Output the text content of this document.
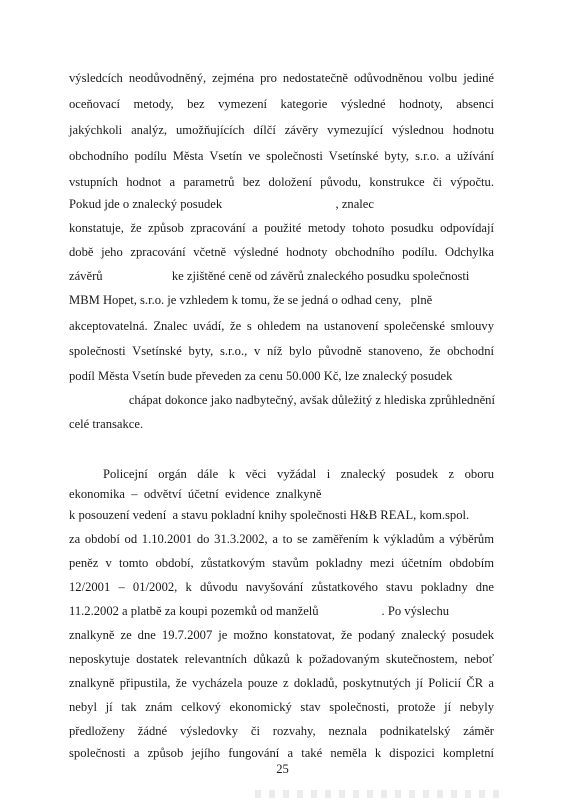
výsledcích neodůvodněný, zejména pro nedostatečně odůvodněnou volbu jediné
oceňovací metody, bez vymezení kategorie výsledné hodnoty, absenci
jakýchkoli analýz, umožňujících dílčí závěry vymezující výslednou hodnotu
obchodního podílu Města Vsetín ve společnosti Vsetínské byty, s.r.o. a užívání
vstupních hodnot a parametrů bez doložení původu, konstrukce či výpočtu.
Pokud jde o znalecký posudek                                    , znalec
konstatuje, že způsob zpracování a použité metody tohoto posudku odpovídají
době jeho zpracování včetně výsledné hodnoty obchodního podílu. Odchylka
závěrů                      ke zjištěné ceně od závěrů znaleckého posudku společnosti
MBM Hopet, s.r.o. je vzhledem k tomu, že se jedná o odhad ceny,   plně
akceptovatelná. Znalec uvádí, že s ohledem na ustanovení společenské smlouvy
společnosti Vsetínské byty, s.r.o., v níž bylo původně stanoveno, že obchodní
podíl Města Vsetín bude převeden za cenu 50.000 Kč, lze znalecký posudek
chápat dokonce jako nadbytečný, avšak důležitý z hlediska zprůhlednění
celé transakce.
Policejní orgán dále k věci vyžádal i znalecký posudek z oboru
ekonomika  –  odvětví  účetní  evidence  znalkyně
k posouzení vedení  a stavu pokladní knihy společnosti H&B REAL, kom.spol.
za období od 1.10.2001 do 31.3.2002, a to se zaměřením k výkladům a výběrům
peněz v tomto období, zůstatkovým stavům pokladny mezi účetním obdobím
12/2001 – 01/2002, k důvodu navyšování zůstatkového stavu pokladny dne
11.2.2002 a platbě za koupi pozemků od manželů                    . Po výslechu
znalkyně ze dne 19.7.2007 je možno konstatovat, že podaný znalecký posudek
neposkytuje dostatek relevantních důkazů k požadovaným skutečnostem, neboť
znalkyně připustila, že vycházela pouze z dokladů, poskytnutých jí Policií ČR a
nebyl jí tak znám celkový ekonomický stav společnosti, protože jí nebyly
předloženy žádné výsledovky či rozvahy, neznala podnikatelský záměr
společnosti a způsob jejího fungování a také neměla k dispozici kompletní
25
